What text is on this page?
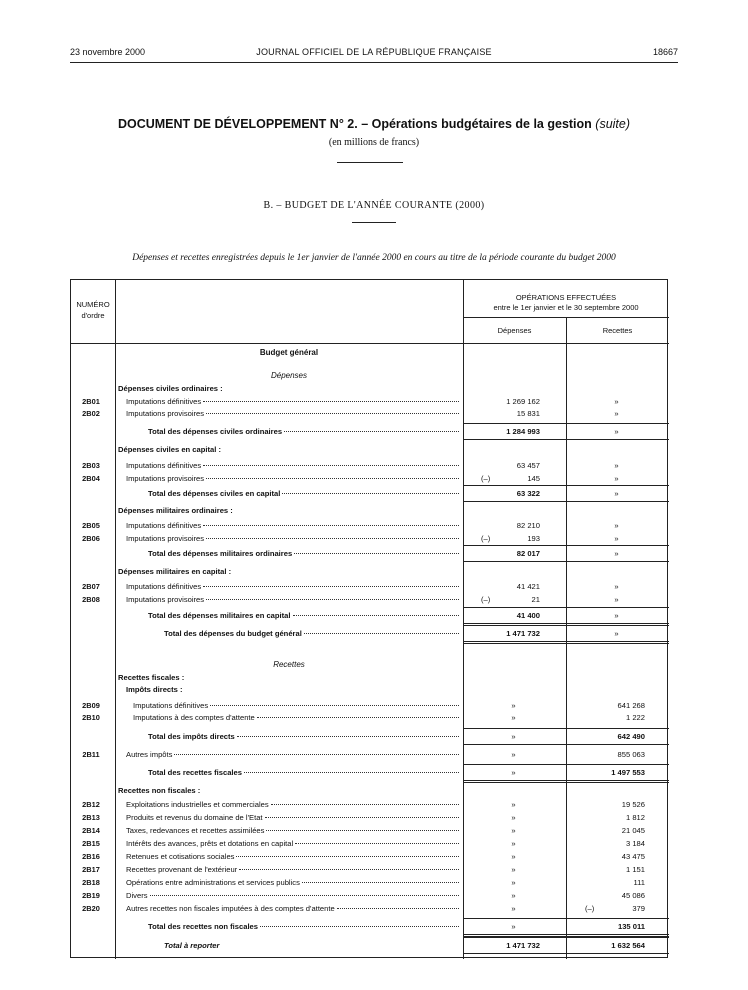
23 novembre 2000	JOURNAL OFFICIEL DE LA RÉPUBLIQUE FRANÇAISE	18667
DOCUMENT DE DÉVELOPPEMENT N° 2. – Opérations budgétaires de la gestion (suite)
(en millions de francs)
B. – BUDGET DE L'ANNÉE COURANTE (2000)
Dépenses et recettes enregistrées depuis le 1er janvier de l'année 2000 en cours au titre de la période courante du budget 2000
NUMÉRO
d'ordre
OPÉRATIONS EFFECTUÉES
entre le 1er janvier et le 30 septembre 2000
Dépenses	Recettes
Budget général
Dépenses
Recettes
Dépenses civiles ordinaires :
2B01	Imputations définitives	1 269 162	»
2B02	Imputations provisoires	15 831	»
Total des dépenses civiles ordinaires	1 284 993	»
Dépenses civiles en capital :
2B03	Imputations définitives	63 457	»
2B04	Imputations provisoires	(–)	145	»
Total des dépenses civiles en capital	63 322	»
Dépenses militaires ordinaires :
2B05	Imputations définitives	82 210	»
2B06	Imputations provisoires	(–)	193	»
Total des dépenses militaires ordinaires	82 017	»
Dépenses militaires en capital :
2B07	Imputations définitives	41 421	»
2B08	Imputations provisoires	(–)	21	»
Total des dépenses militaires en capital	41 400	»
Total des dépenses du budget général	1 471 732	»
Recettes fiscales :
Impôts directs :
2B09	Imputations définitives	»	641 268
2B10	Imputations à des comptes d'attente	»	1 222
Total des impôts directs	»	642 490
2B11	Autres impôts	»	855 063
Total des recettes fiscales	»	1 497 553
Recettes non fiscales :
2B12	Exploitations industrielles et commerciales	»	19 526
2B13	Produits et revenus du domaine de l'Etat	»	1 812
2B14	Taxes, redevances et recettes assimilées	»	21 045
2B15	Intérêts des avances, prêts et dotations en capital	»	3 184
2B16	Retenues et cotisations sociales	»	43 475
2B17	Recettes provenant de l'extérieur	»	1 151
2B18	Opérations entre administrations et services publics	»	111
2B19	Divers	»	45 086
2B20	Autres recettes non fiscales imputées à des comptes d'attente	»	(–)	379
Total des recettes non fiscales	»	135 011
Total à reporter	1 471 732	1 632 564
